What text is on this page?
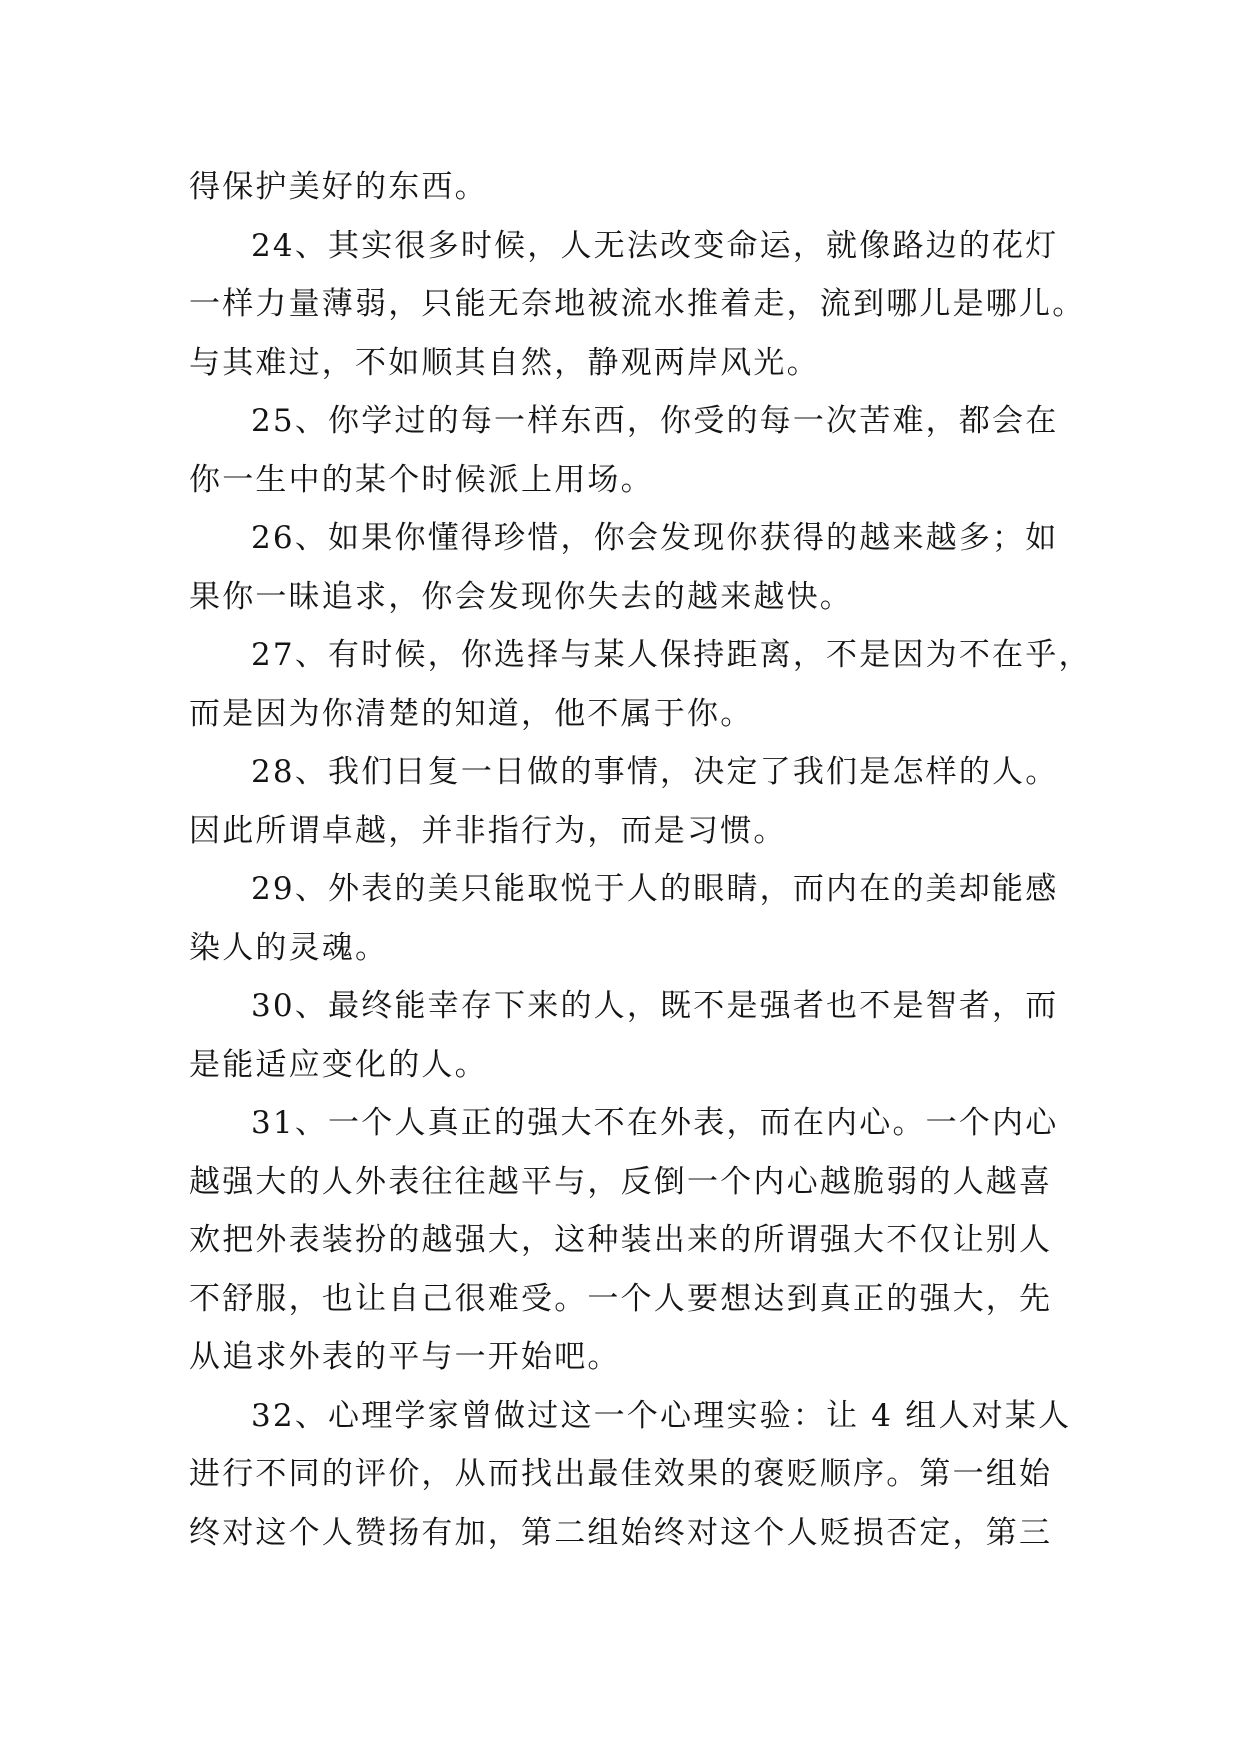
得保护美好的东西。
24、其实很多时候，人无法改变命运，就像路边的花灯
一样力量薄弱，只能无奈地被流水推着走，流到哪儿是哪儿。
与其难过，不如顺其自然，静观两岸风光。
25、你学过的每一样东西，你受的每一次苦难，都会在
你一生中的某个时候派上用场。
26、如果你懂得珍惜，你会发现你获得的越来越多；如
果你一昧追求，你会发现你失去的越来越快。
27、有时候，你选择与某人保持距离，不是因为不在乎，
而是因为你清楚的知道，他不属于你。
28、我们日复一日做的事情，决定了我们是怎样的人。
因此所谓卓越，并非指行为，而是习惯。
29、外表的美只能取悦于人的眼睛，而内在的美却能感
染人的灵魂。
30、最终能幸存下来的人，既不是强者也不是智者，而
是能适应变化的人。
31、一个人真正的强大不在外表，而在内心。一个内心
越强大的人外表往往越平与，反倒一个内心越脆弱的人越喜
欢把外表装扮的越强大，这种装出来的所谓强大不仅让别人
不舒服，也让自己很难受。一个人要想达到真正的强大，先
从追求外表的平与一开始吧。
32、心理学家曾做过这一个心理实验：让 4 组人对某人
进行不同的评价，从而找出最佳效果的褒贬顺序。第一组始
终对这个人赞扬有加，第二组始终对这个人贬损否定，第三
